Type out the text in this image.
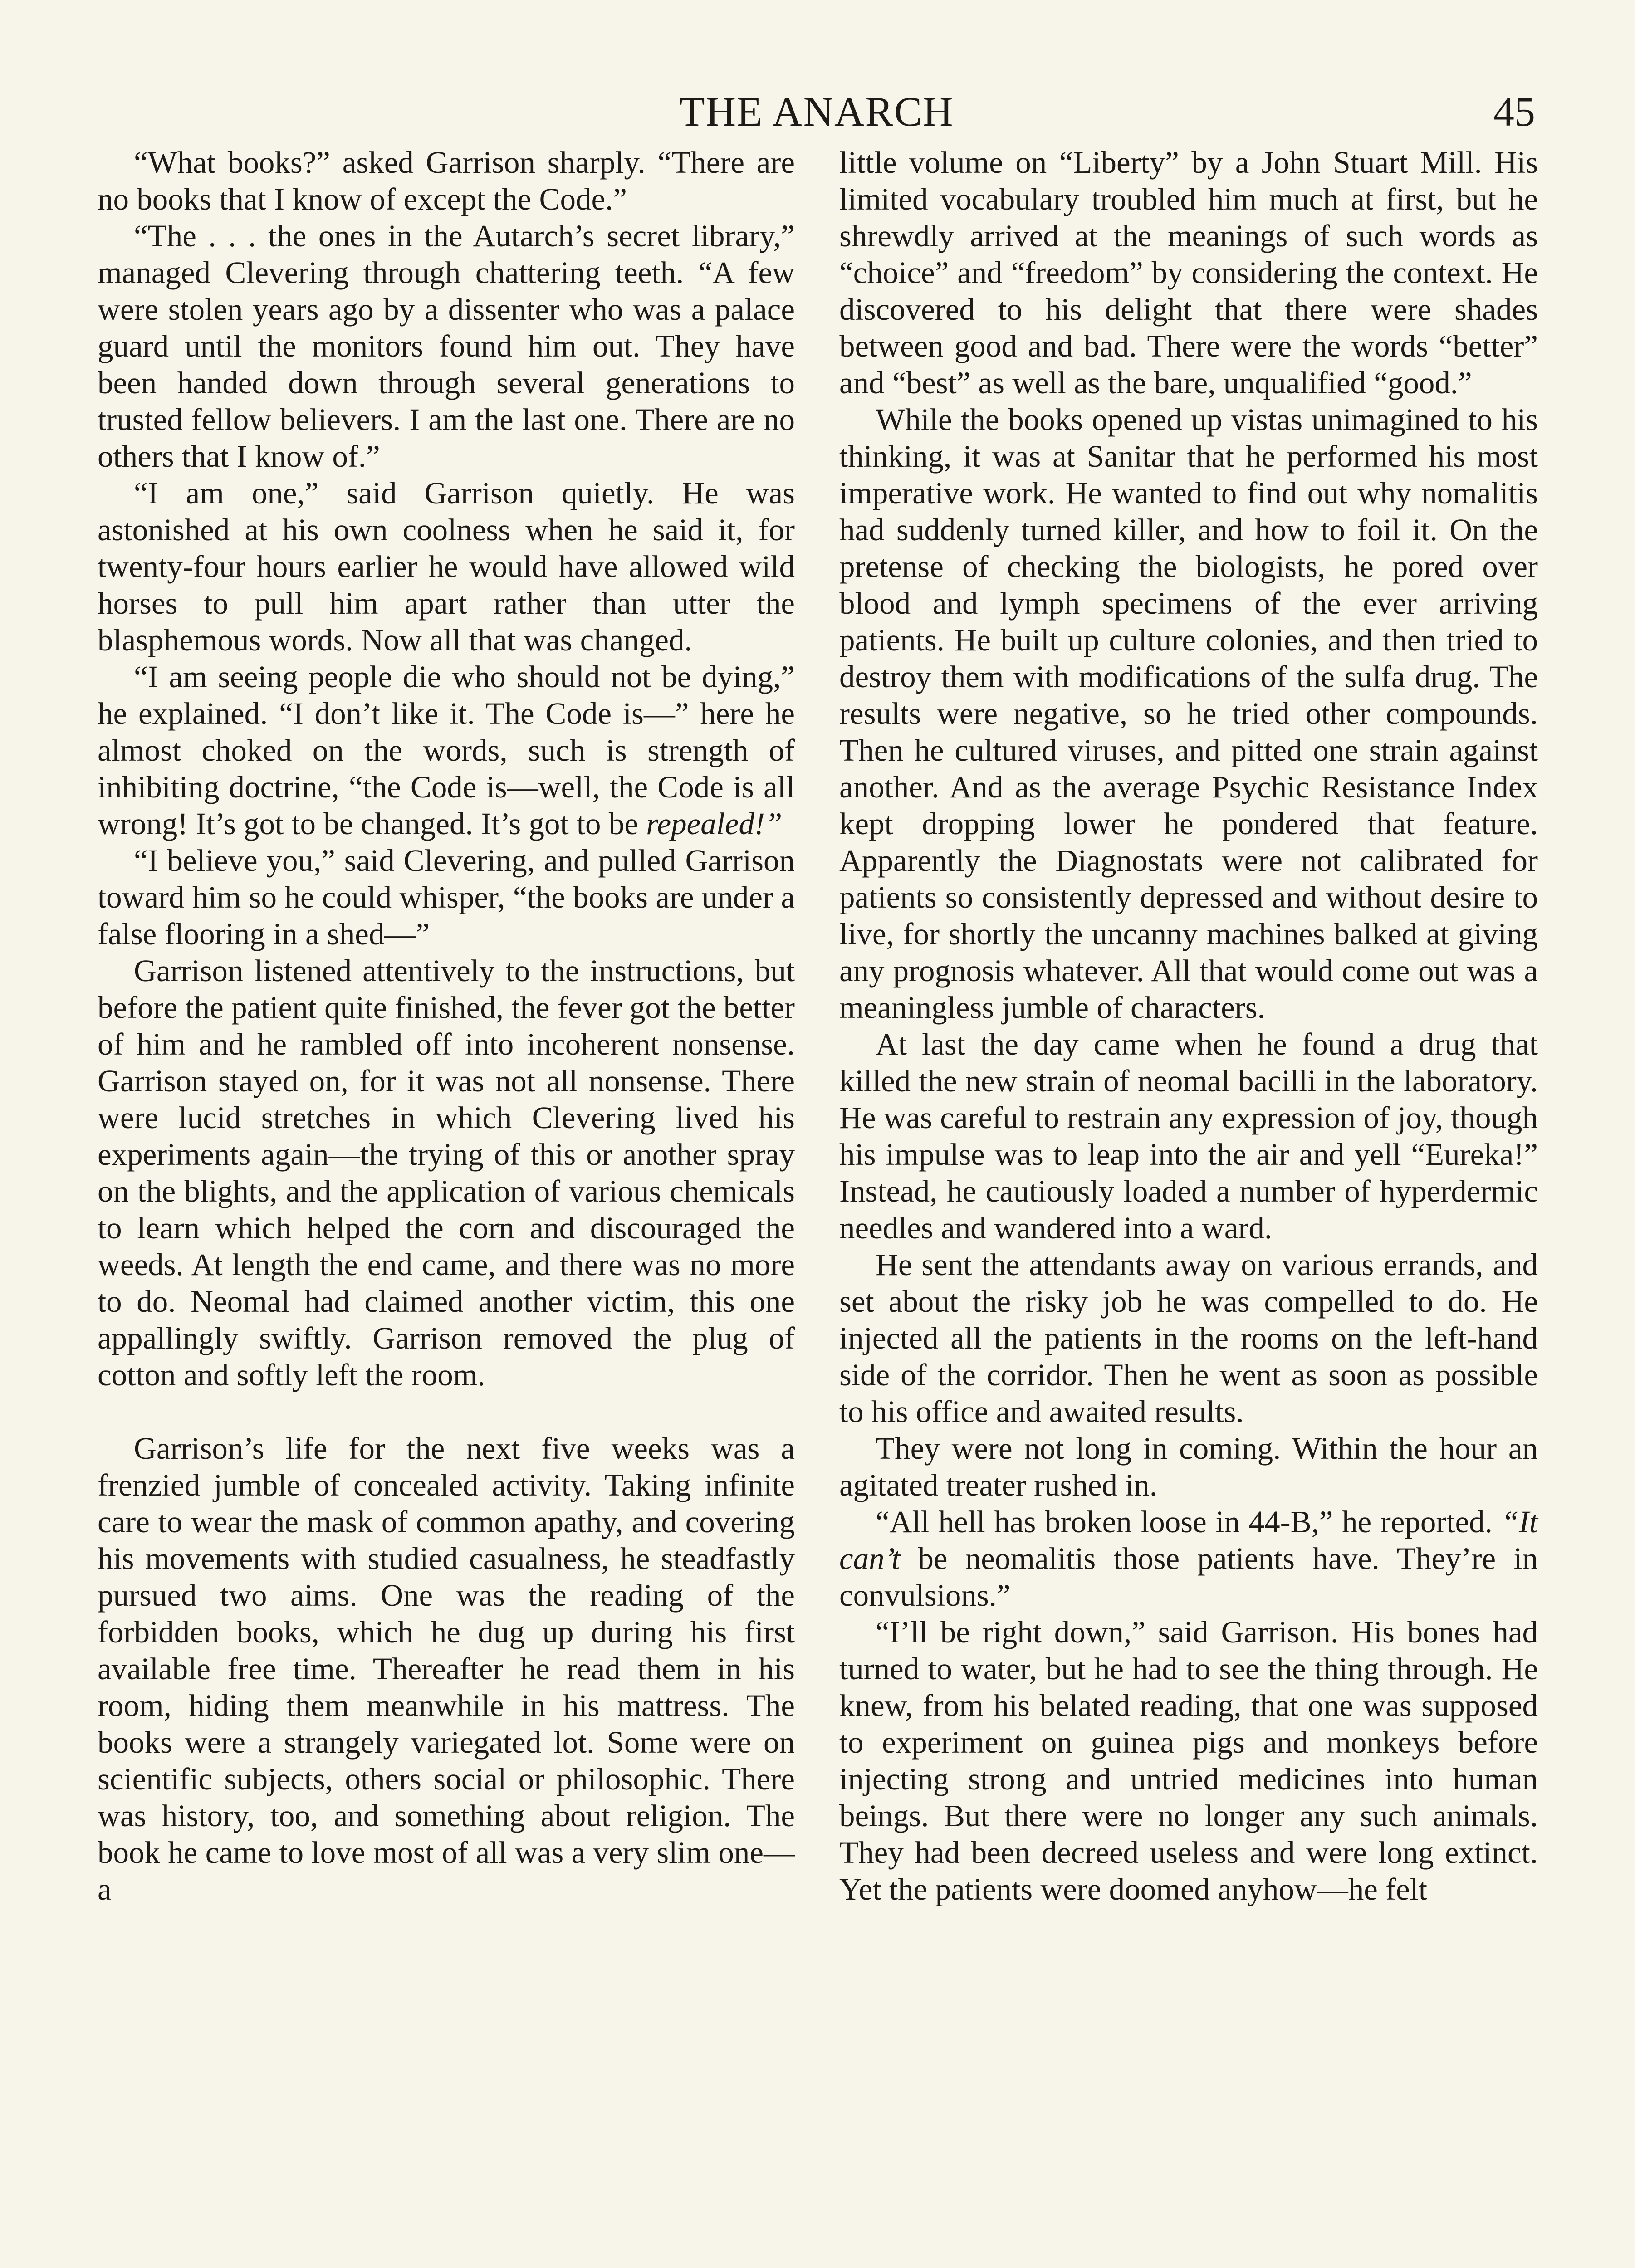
THE ANARCH	45

“What books?” asked Garrison sharply. “There are no books that I know of except the Code.”

“The . . . the ones in the Autarch’s secret library,” managed Clevering through chattering teeth. “A few were stolen years ago by a dissenter who was a palace guard until the monitors found him out. They have been handed down through several generations to trusted fellow believers. I am the last one. There are no others that I know of.”

“I am one,” said Garrison quietly. He was astonished at his own coolness when he said it, for twenty-four hours earlier he would have allowed wild horses to pull him apart rather than utter the blasphemous words. Now all that was changed.

“I am seeing people die who should not be dying,” he explained. “I don’t like it. The Code is—” here he almost choked on the words, such is strength of inhibiting doctrine, “the Code is—well, the Code is all wrong! It’s got to be changed. It’s got to be repealed!”

“I believe you,” said Clevering, and pulled Garrison toward him so he could whisper, “the books are under a false flooring in a shed—”

Garrison listened attentively to the instructions, but before the patient quite finished, the fever got the better of him and he rambled off into incoherent nonsense. Garrison stayed on, for it was not all nonsense. There were lucid stretches in which Clevering lived his experiments again—the trying of this or another spray on the blights, and the application of various chemicals to learn which helped the corn and discouraged the weeds. At length the end came, and there was no more to do. Neomal had claimed another victim, this one appallingly swiftly. Garrison removed the plug of cotton and softly left the room.

Garrison’s life for the next five weeks was a frenzied jumble of concealed activity. Taking infinite care to wear the mask of common apathy, and covering his movements with studied casualness, he steadfastly pursued two aims. One was the reading of the forbidden books, which he dug up during his first available free time. Thereafter he read them in his room, hiding them meanwhile in his mattress. The books were a strangely variegated lot. Some were on scientific subjects, others social or philosophic. There was history, too, and something about religion. The book he came to love most of all was a very slim one—a

little volume on “Liberty” by a John Stuart Mill. His limited vocabulary troubled him much at first, but he shrewdly arrived at the meanings of such words as “choice” and “freedom” by considering the context. He discovered to his delight that there were shades between good and bad. There were the words “better” and “best” as well as the bare, unqualified “good.”

While the books opened up vistas unimagined to his thinking, it was at Sanitar that he performed his most imperative work. He wanted to find out why nomalitis had suddenly turned killer, and how to foil it. On the pretense of checking the biologists, he pored over blood and lymph specimens of the ever arriving patients. He built up culture colonies, and then tried to destroy them with modifications of the sulfa drug. The results were negative, so he tried other compounds. Then he cultured viruses, and pitted one strain against another. And as the average Psychic Resistance Index kept dropping lower he pondered that feature. Apparently the Diagnostats were not calibrated for patients so consistently depressed and without desire to live, for shortly the uncanny machines balked at giving any prognosis whatever. All that would come out was a meaningless jumble of characters.

At last the day came when he found a drug that killed the new strain of neomal bacilli in the laboratory. He was careful to restrain any expression of joy, though his impulse was to leap into the air and yell “Eureka!” Instead, he cautiously loaded a number of hyperdermic needles and wandered into a ward.

He sent the attendants away on various errands, and set about the risky job he was compelled to do. He injected all the patients in the rooms on the left-hand side of the corridor. Then he went as soon as possible to his office and awaited results.

They were not long in coming. Within the hour an agitated treater rushed in.

“All hell has broken loose in 44-B,” he reported. “It can’t be neomalitis those patients have. They’re in convulsions.”

“I’ll be right down,” said Garrison. His bones had turned to water, but he had to see the thing through. He knew, from his belated reading, that one was supposed to experiment on guinea pigs and monkeys before injecting strong and untried medicines into human beings. But there were no longer any such animals. They had been decreed useless and were long extinct. Yet the patients were doomed anyhow—he felt
